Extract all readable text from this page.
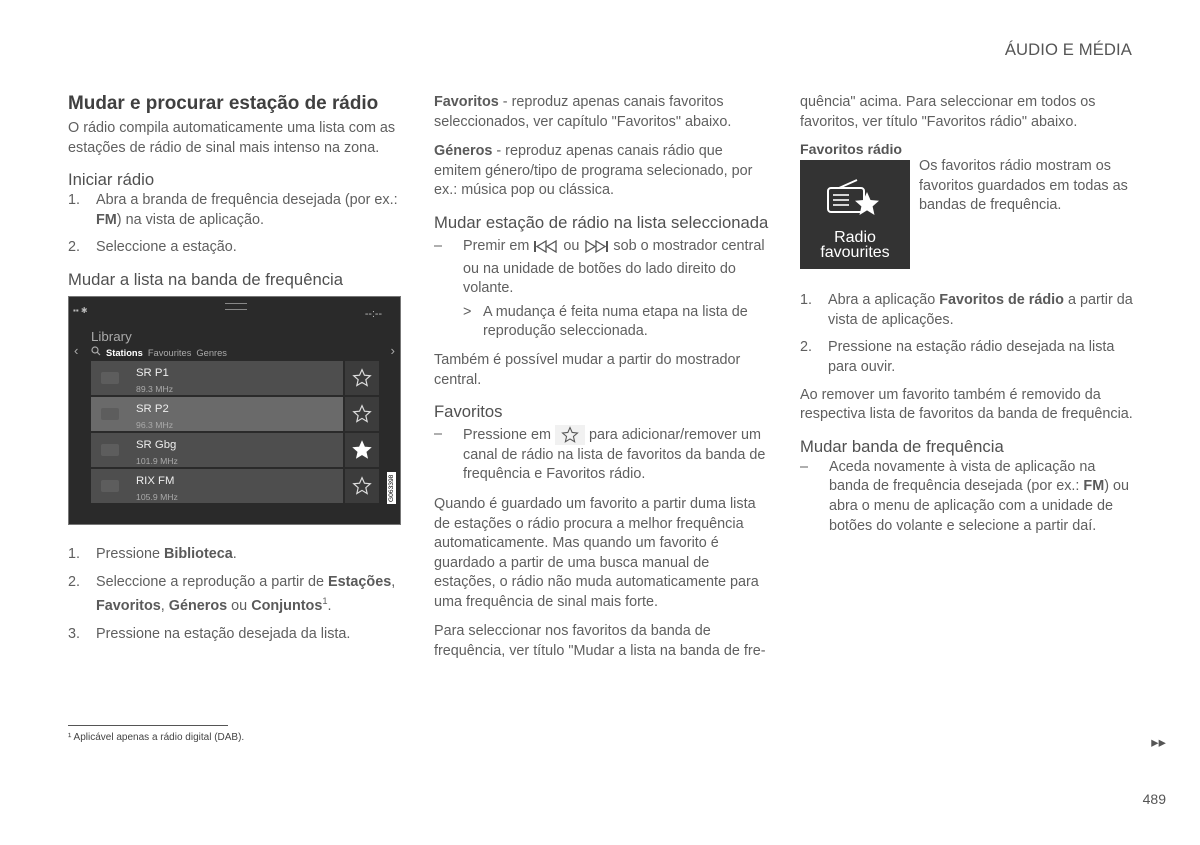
ÁUDIO E MÉDIA
Mudar e procurar estação de rádio

O rádio compila automaticamente uma lista com as estações de rádio de sinal mais intenso na zona.

Iniciar rádio
1.	Abra a branda de frequência desejada (por ex.: FM) na vista de aplicação.
2.	Seleccione a estação.
Mudar a lista na banda de frequência
▪▪ ✱	--:--
Library
‹	Stations Favourites Genres	›
SR P1
89.3 MHz
SR P2
96.3 MHz
SR Gbg
101.9 MHz
RIX FM
105.9 MHz	G063398
1.	Pressione Biblioteca.
2.	Seleccione a reprodução a partir de Estações, Favoritos, Géneros ou Conjuntos$^1$.
3.	Pressione na estação desejada da lista.

Favoritos - reproduz apenas canais favoritos seleccionados, ver capítulo "Favoritos" abaixo.

Géneros - reproduz apenas canais rádio que emitem género/tipo de programa selecionado, por ex.: música pop ou clássica.

Mudar estação de rádio na lista seleccionada
–	Premir em  ou  sob o mostrador central ou na unidade de botões do lado direito do volante.
> A mudança é feita numa etapa na lista de reprodução seleccionada.

Também é possível mudar a partir do mostrador central.

Favoritos
–	Pressione em  para adicionar/remover um canal de rádio na lista de favoritos da banda de frequência e Favoritos rádio.

Quando é guardado um favorito a partir duma lista de estações o rádio procura a melhor frequência automaticamente. Mas quando um favorito é guardado a partir de uma busca manual de estações, o rádio não muda automaticamente para uma frequência de sinal mais forte.

Para seleccionar nos favoritos da banda de frequência, ver título "Mudar a lista na banda de fre-

quência" acima. Para seleccionar em todos os favoritos, ver título "Favoritos rádio" abaixo.

Favoritos rádio
Radio favourites
Os favoritos rádio mostram os favoritos guardados em todas as bandas de frequência.
1.	Abra a aplicação Favoritos de rádio a partir da vista de aplicações.
2.	Pressione na estação rádio desejada na lista para ouvir.

Ao remover um favorito também é removido da respectiva lista de favoritos da banda de frequência.

Mudar banda de frequência
–	Aceda novamente à vista de aplicação na banda de frequência desejada (por ex.: FM) ou abra o menu de aplicação com a unidade de botões do volante e selecione a partir daí.
¹ Aplicável apenas a rádio digital (DAB).	▸▸
489
